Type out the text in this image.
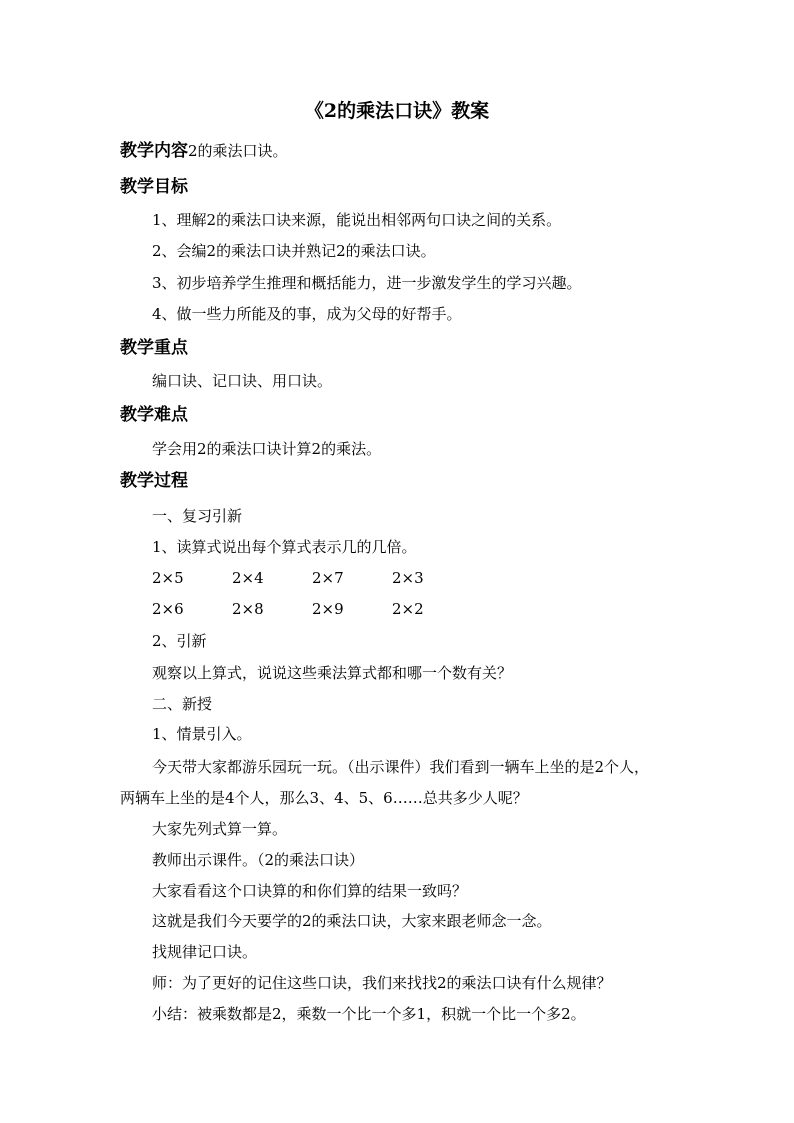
《2的乘法口诀》教案
教学内容2的乘法口诀。
教学目标
1、理解2的乘法口诀来源，能说出相邻两句口诀之间的关系。
2、会编2的乘法口诀并熟记2的乘法口诀。
3、初步培养学生推理和概括能力，进一步激发学生的学习兴趣。
4、做一些力所能及的事，成为父母的好帮手。
教学重点
编口诀、记口诀、用口诀。
教学难点
学会用2的乘法口诀计算2的乘法。
教学过程
一、复习引新
1、读算式说出每个算式表示几的几倍。
2×5	2×4	2×7	2×3
2×6	2×8	2×9	2×2
2、引新
观察以上算式，说说这些乘法算式都和哪一个数有关？
二、新授
1、情景引入。
今天带大家都游乐园玩一玩。（出示课件）我们看到一辆车上坐的是2个人，
两辆车上坐的是4个人，那么3、4、5、6……总共多少人呢？
大家先列式算一算。
教师出示课件。（2的乘法口诀）
大家看看这个口诀算的和你们算的结果一致吗？
这就是我们今天要学的2的乘法口诀，大家来跟老师念一念。
找规律记口诀。
师：为了更好的记住这些口诀，我们来找找2的乘法口诀有什么规律？
小结：被乘数都是2，乘数一个比一个多1，积就一个比一个多2。
